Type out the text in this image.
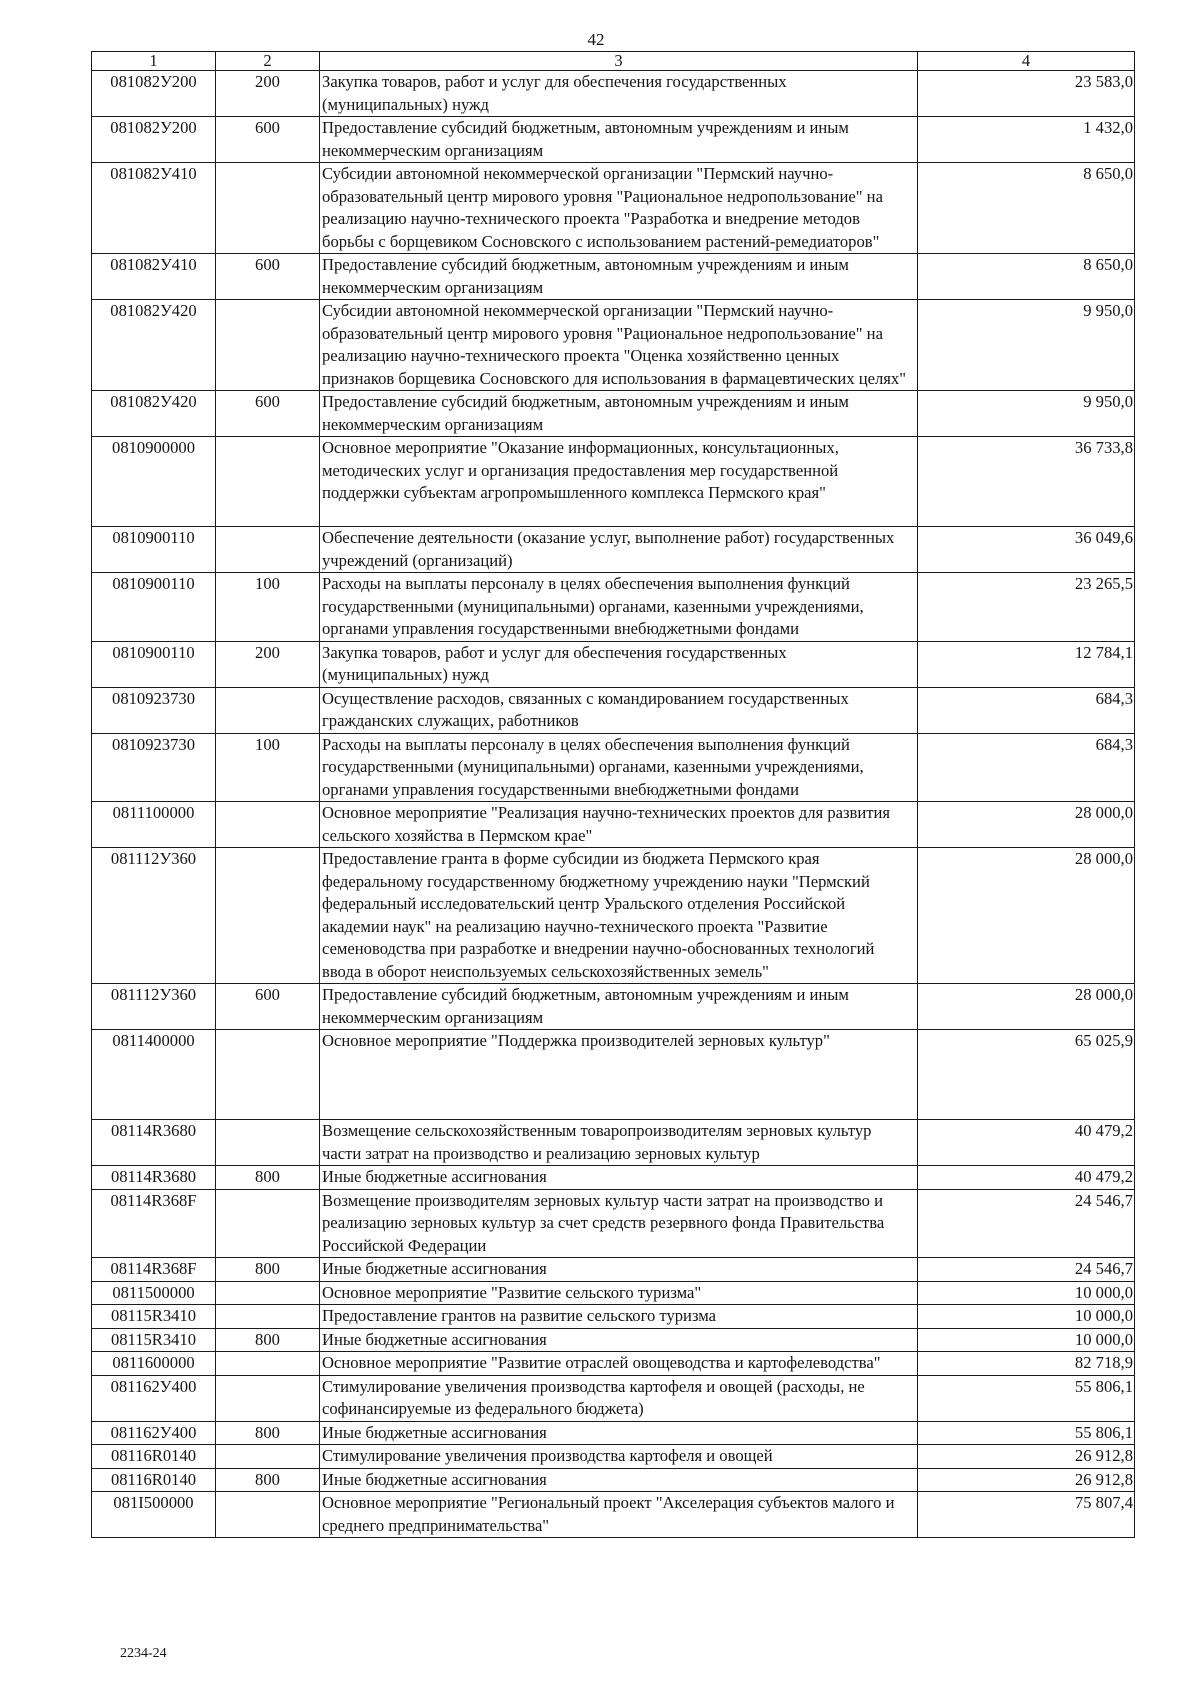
42
1	2	3	4
081082У200	200	Закупка товаров, работ и услуг для обеспечения государственных (муниципальных) нужд	23 583,0
081082У200	600	Предоставление субсидий бюджетным, автономным учреждениям и иным некоммерческим организациям	1 432,0
081082У410		Субсидии автономной некоммерческой организации "Пермский научно-образовательный центр мирового уровня "Рациональное недропользование" на реализацию научно-технического проекта "Разработка и внедрение методов борьбы с борщевиком Сосновского с использованием растений-ремедиаторов"	8 650,0
081082У410	600	Предоставление субсидий бюджетным, автономным учреждениям и иным некоммерческим организациям	8 650,0
081082У420		Субсидии автономной некоммерческой организации "Пермский научно-образовательный центр мирового уровня "Рациональное недропользование" на реализацию научно-технического проекта "Оценка хозяйственно ценных признаков борщевика Сосновского для использования в фармацевтических целях"	9 950,0
081082У420	600	Предоставление субсидий бюджетным, автономным учреждениям и иным некоммерческим организациям	9 950,0
0810900000		Основное мероприятие "Оказание информационных, консультационных, методических услуг и организация предоставления мер государственной поддержки субъектам агропромышленного комплекса Пермского края"	36 733,8
0810900110		Обеспечение деятельности (оказание услуг, выполнение работ) государственных учреждений (организаций)	36 049,6
0810900110	100	Расходы на выплаты персоналу в целях обеспечения выполнения функций государственными (муниципальными) органами, казенными учреждениями, органами управления государственными внебюджетными фондами	23 265,5
0810900110	200	Закупка товаров, работ и услуг для обеспечения государственных (муниципальных) нужд	12 784,1
0810923730		Осуществление расходов, связанных с командированием государственных гражданских служащих, работников	684,3
0810923730	100	Расходы на выплаты персоналу в целях обеспечения выполнения функций государственными (муниципальными) органами, казенными учреждениями, органами управления государственными внебюджетными фондами	684,3
0811100000		Основное мероприятие "Реализация научно-технических проектов для развития сельского хозяйства в Пермском крае"	28 000,0
081112У360		Предоставление гранта в форме субсидии из бюджета Пермского края федеральному государственному бюджетному учреждению науки "Пермский федеральный исследовательский центр Уральского отделения Российской академии наук" на реализацию научно-технического проекта "Развитие семеноводства при разработке и внедрении научно-обоснованных технологий ввода в оборот неиспользуемых сельскохозяйственных земель"	28 000,0
081112У360	600	Предоставление субсидий бюджетным, автономным учреждениям и иным некоммерческим организациям	28 000,0
0811400000		Основное мероприятие "Поддержка производителей зерновых культур"	65 025,9
08114R3680		Возмещение сельскохозяйственным товаропроизводителям зерновых культур части затрат на производство и реализацию зерновых культур	40 479,2
08114R3680	800	Иные бюджетные ассигнования	40 479,2
08114R368F		Возмещение производителям зерновых культур части затрат на производство и реализацию зерновых культур за счет средств резервного фонда Правительства Российской Федерации	24 546,7
08114R368F	800	Иные бюджетные ассигнования	24 546,7
0811500000		Основное мероприятие "Развитие сельского туризма"	10 000,0
08115R3410		Предоставление грантов на развитие сельского туризма	10 000,0
08115R3410	800	Иные бюджетные ассигнования	10 000,0
0811600000		Основное мероприятие "Развитие отраслей овощеводства и картофелеводства"	82 718,9
081162У400		Стимулирование увеличения производства картофеля и овощей (расходы, не софинансируемые из федерального бюджета)	55 806,1
081162У400	800	Иные бюджетные ассигнования	55 806,1
08116R0140		Стимулирование увеличения производства картофеля и овощей	26 912,8
08116R0140	800	Иные бюджетные ассигнования	26 912,8
081I500000		Основное мероприятие "Региональный проект "Акселерация субъектов малого и среднего предпринимательства"	75 807,4
2234-24
